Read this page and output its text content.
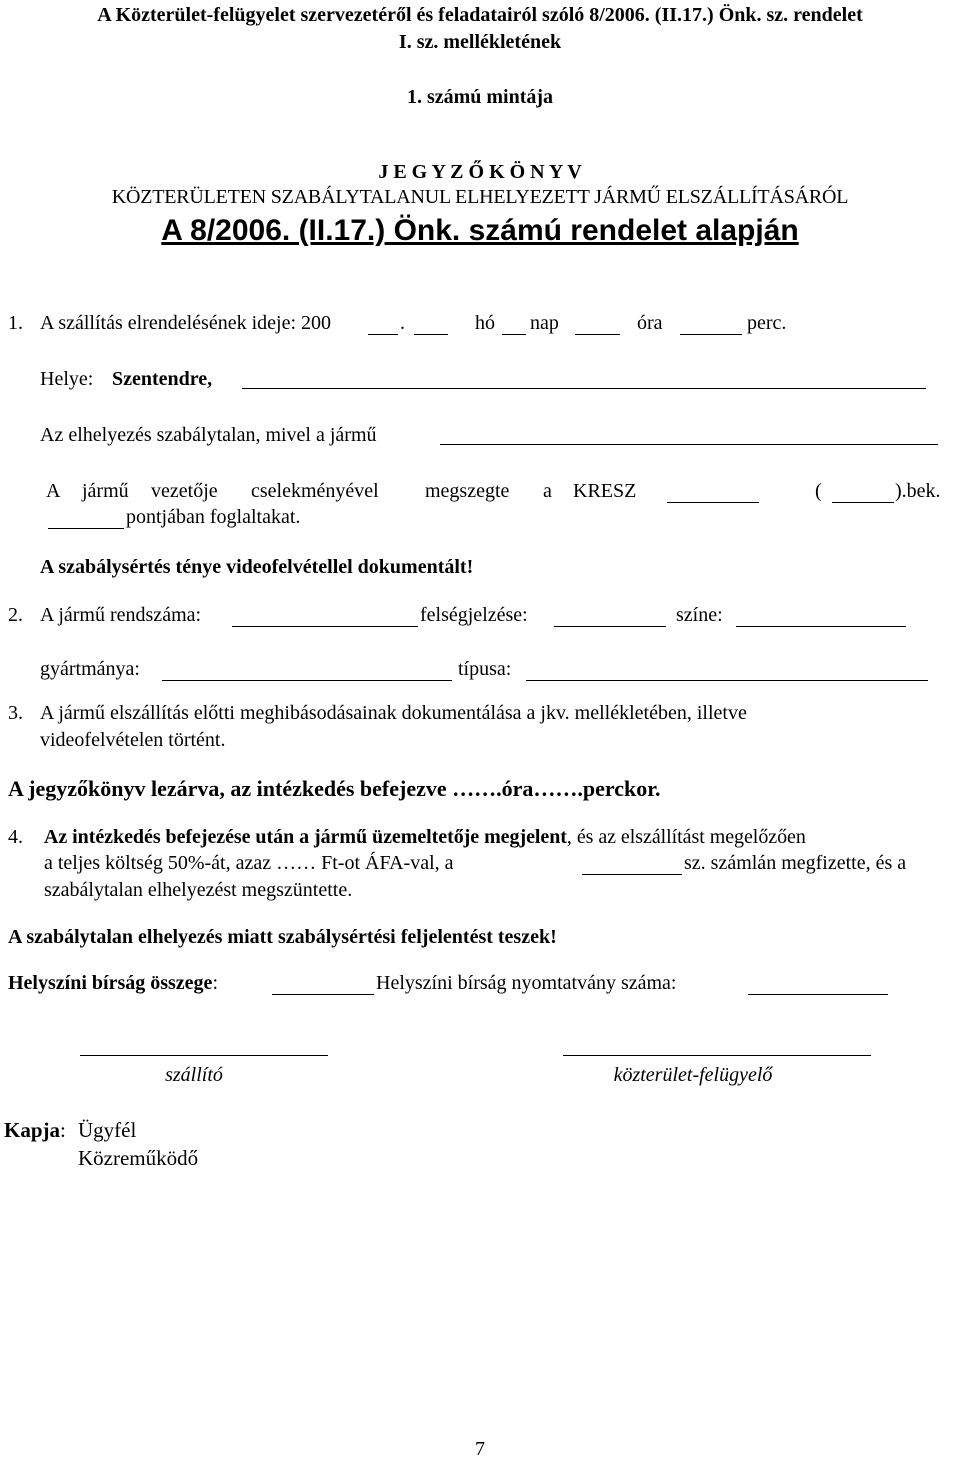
A Közterület-felügyelet szervezetéről és feladatairól szóló 8/2006. (II.17.) Önk. sz. rendelet
I. sz. mellékletének
1. számú mintája
J E G Y Z Ő K Ö N Y V
KÖZTERÜLETEN SZABÁLYTALANUL ELHELYEZETT JÁRMŰ ELSZÁLLÍTÁSÁRÓL
A 8/2006. (II.17.) Önk. számú rendelet alapján
1. A szállítás elrendelésének ideje: 200	.	hó nap	óra	perc.
Helye: Szentendre,
Az elhelyezés szabálytalan, mivel a jármű
A jármű vezetője cselekményével megszegte a KRESZ	(	).bek.
pontjában foglaltakat.
A szabálysértés ténye videofelvétellel dokumentált!
2. A jármű rendszáma:	felségjelzése:	színe:
gyártmánya:	típusa:
3. A jármű elszállítás előtti meghibásodásainak dokumentálása a jkv. mellékletében, illetve
videofelvételen történt.
A jegyzőkönyv lezárva, az intézkedés befejezve …….óra…….perckor.
4. Az intézkedés befejezése után a jármű üzemeltetője megjelent, és az elszállítást megelőzően
a teljes költség 50%-át, azaz …… Ft-ot ÁFA-val, a	sz. számlán megfizette, és a
szabálytalan elhelyezést megszüntette.
A szabálytalan elhelyezés miatt szabálysértési feljelentést teszek!
Helyszíni bírság összege:	Helyszíni bírság nyomtatvány száma:
szállító	közterület-felügyelő
Kapja: Ügyfél
Közreműködő
7
